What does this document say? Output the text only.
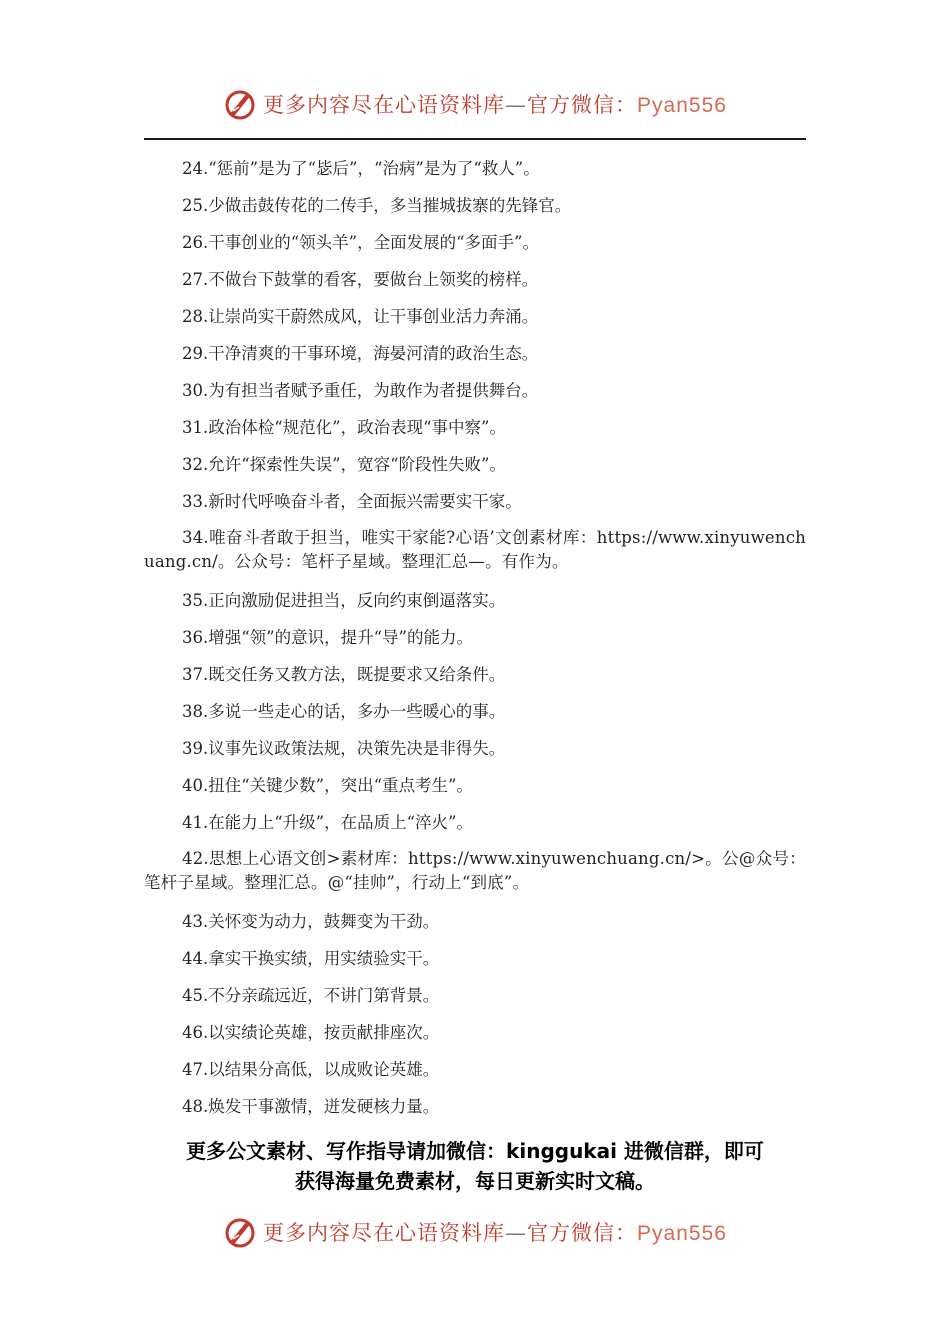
更多内容尽在心语资料库—官方微信：Pyan556
24.“惩前”是为了“毖后”，“治病”是为了“救人”。
25.少做击鼓传花的二传手，多当摧城拔寨的先锋官。
26.干事创业的“领头羊”，全面发展的“多面手”。
27.不做台下鼓掌的看客，要做台上领奖的榜样。
28.让崇尚实干蔚然成风，让干事创业活力奔涌。
29.干净清爽的干事环境，海晏河清的政治生态。
30.为有担当者赋予重任，为敢作为者提供舞台。
31.政治体检“规范化”，政治表现“事中察”。
32.允许“探索性失误”，宽容“阶段性失败”。
33.新时代呼唤奋斗者，全面振兴需要实干家。
34.唯奋斗者敢于担当，唯实干家能?心语’文创素材库：https://www.xinyuwenchuang.cn/。公众号：笔杆子星域。整理汇总—。有作为。
35.正向激励促进担当，反向约束倒逼落实。
36.增强“领”的意识，提升“导”的能力。
37.既交任务又教方法，既提要求又给条件。
38.多说一些走心的话，多办一些暖心的事。
39.议事先议政策法规，决策先决是非得失。
40.扭住“关键少数”，突出“重点考生”。
41.在能力上“升级”，在品质上“淬火”。
42.思想上心语文创>素材库：https://www.xinyuwenchuang.cn/>。公@众号：笔杆子星域。整理汇总。@“挂帅”，行动上“到底”。
43.关怀变为动力，鼓舞变为干劲。
44.拿实干换实绩，用实绩验实干。
45.不分亲疏远近，不讲门第背景。
46.以实绩论英雄，按贡献排座次。
47.以结果分高低，以成败论英雄。
48.焕发干事激情，迸发硬核力量。
更多公文素材、写作指导请加微信：kinggukai 进微信群，即可
获得海量免费素材，每日更新实时文稿。
更多内容尽在心语资料库—官方微信：Pyan556
